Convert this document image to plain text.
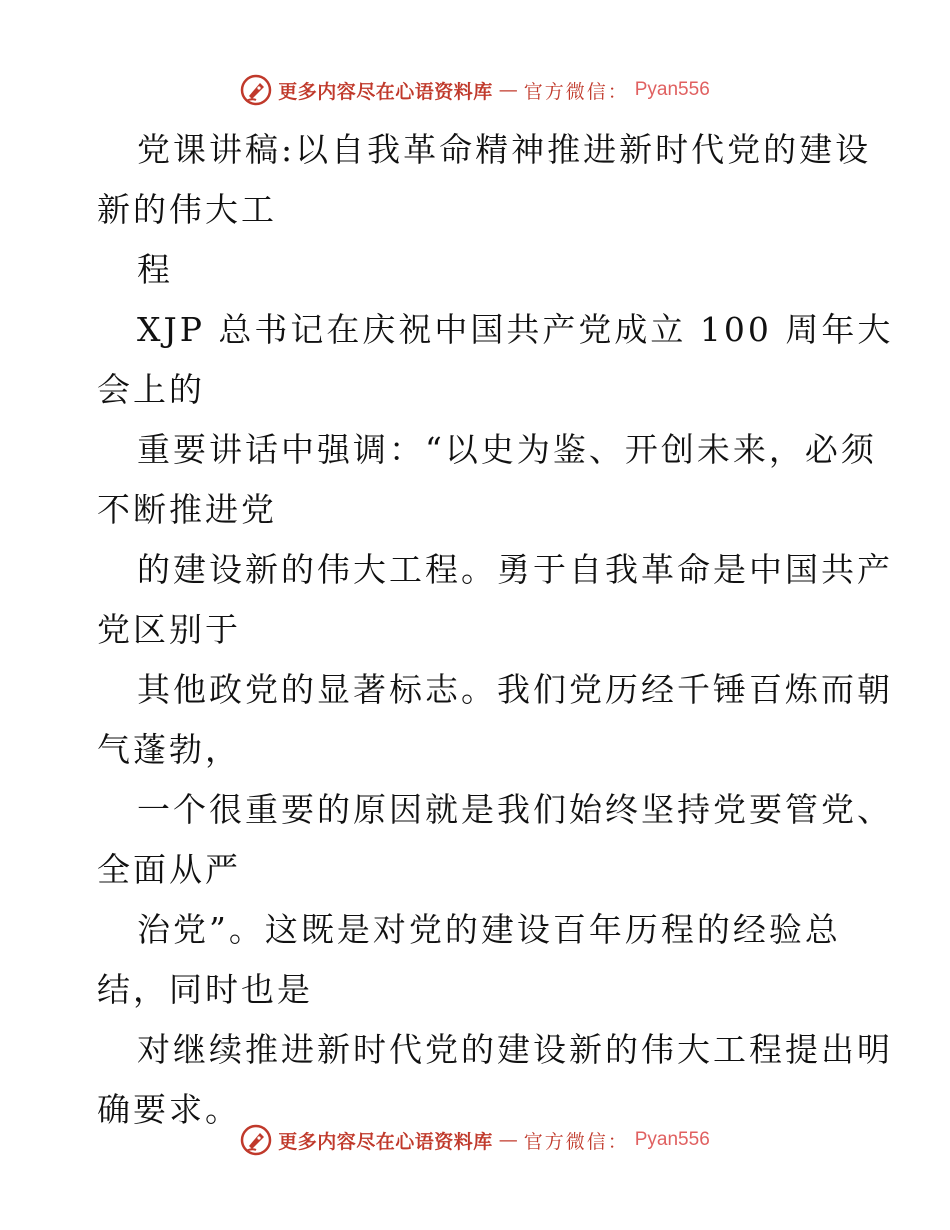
更多内容尽在心语资料库 — 官方微信： Pyan556
党课讲稿:以自我革命精神推进新时代党的建设
新的伟大工
程
XJP 总书记在庆祝中国共产党成立 100 周年大
会上的
重要讲话中强调：“以史为鉴、开创未来，必须
不断推进党
的建设新的伟大工程。勇于自我革命是中国共产
党区别于
其他政党的显著标志。我们党历经千锤百炼而朝
气蓬勃，
一个很重要的原因就是我们始终坚持党要管党、
全面从严
治党”。这既是对党的建设百年历程的经验总
结，同时也是
对继续推进新时代党的建设新的伟大工程提出明
确要求。
更多内容尽在心语资料库 — 官方微信： Pyan556
